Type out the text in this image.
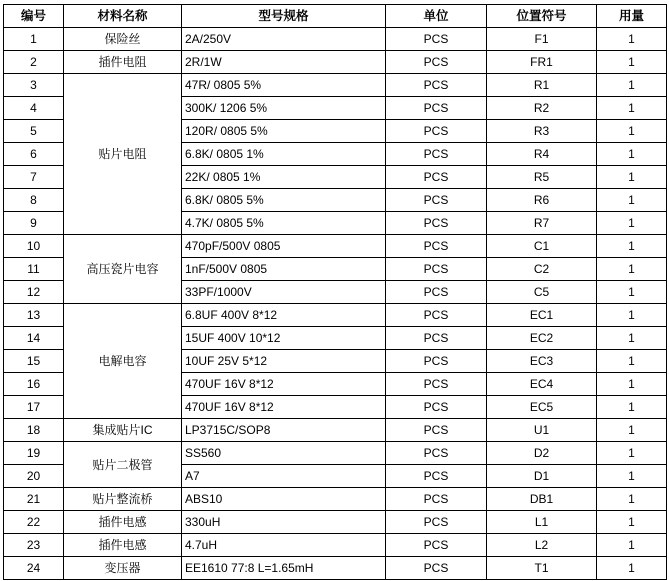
编号	材料名称	型号规格	单位	位置符号	用量
1	保险丝	2A/250V	PCS	F1	1
2	插件电阻	2R/1W	PCS	FR1	1
3	贴片电阻	47R/ 0805 5%	PCS	R1	1
4		300K/ 1206 5%	PCS	R2	1
5		120R/ 0805 5%	PCS	R3	1
6		6.8K/ 0805 1%	PCS	R4	1
7		22K/ 0805 1%	PCS	R5	1
8		6.8K/ 0805 5%	PCS	R6	1
9		4.7K/ 0805 5%	PCS	R7	1
10	高压瓷片电容	470pF/500V 0805	PCS	C1	1
11		1nF/500V 0805	PCS	C2	1
12		33PF/1000V	PCS	C5	1
13	电解电容	6.8UF 400V 8*12	PCS	EC1	1
14		15UF 400V 10*12	PCS	EC2	1
15		10UF 25V 5*12	PCS	EC3	1
16		470UF 16V 8*12	PCS	EC4	1
17		470UF 16V 8*12	PCS	EC5	1
18	集成贴片IC	LP3715C/SOP8	PCS	U1	1
19	贴片二极管	SS560	PCS	D2	1
20		A7	PCS	D1	1
21	贴片整流桥	ABS10	PCS	DB1	1
22	插件电感	330uH	PCS	L1	1
23	插件电感	4.7uH	PCS	L2	1
24	变压器	EE1610 77:8 L=1.65mH	PCS	T1	1
